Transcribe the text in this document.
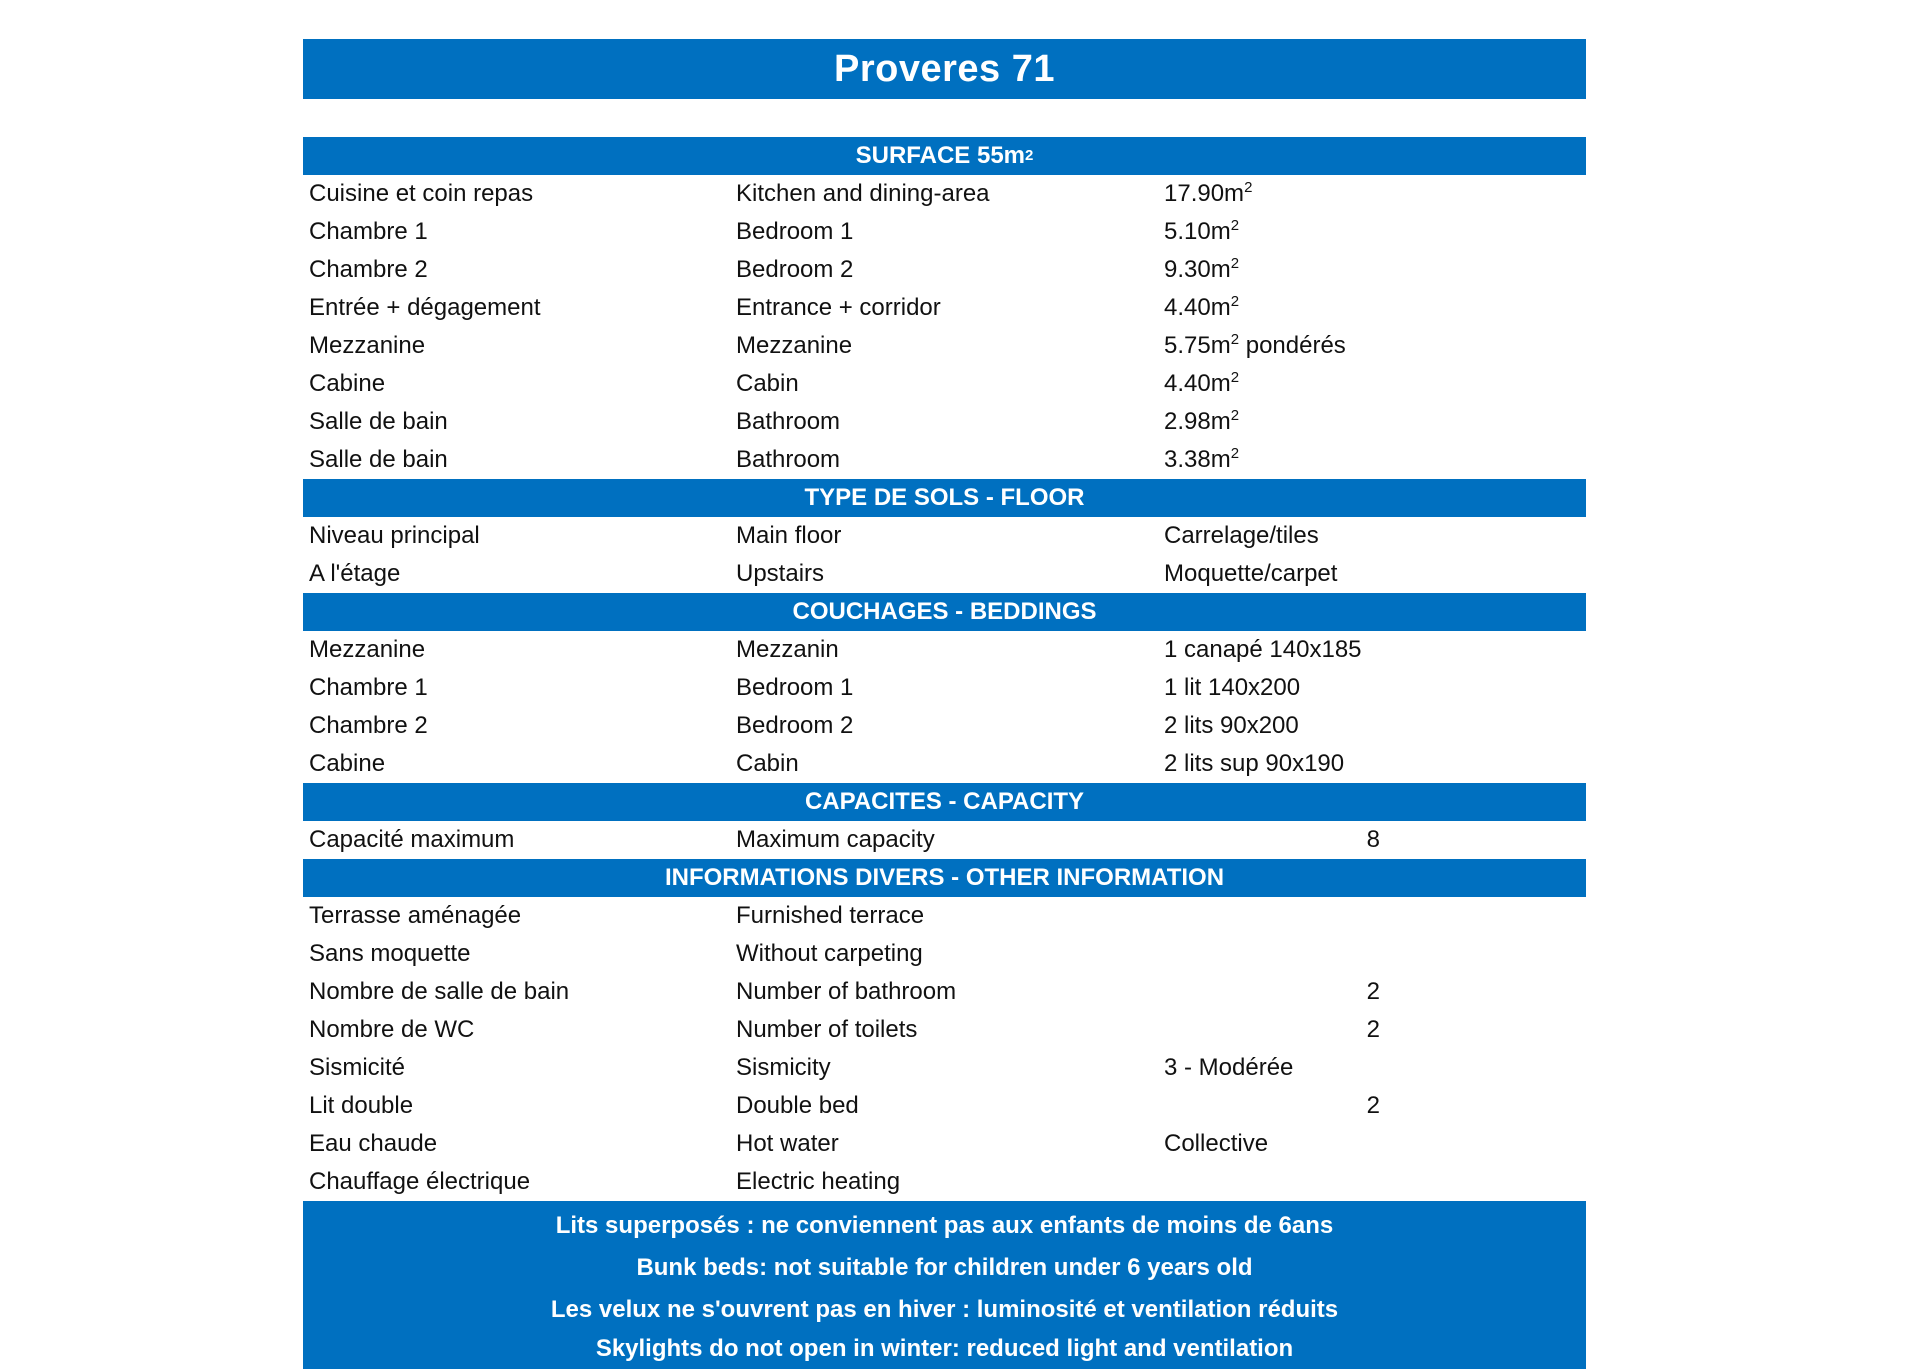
Proveres 71
SURFACE 55m 2
Cuisine et coin repas	Kitchen and dining-area	$17.90m^2$
Chambre 1	Bedroom 1	$5.10m^2$
Chambre 2	Bedroom 2	$9.30m^2$
Entrée + dégagement	Entrance + corridor	$4.40m^2$
Mezzanine	Mezzanine	$5.75m^2$ pondérés
Cabine	Cabin	$4.40m^2$
Salle de bain	Bathroom	$2.98m^2$
Salle de bain	Bathroom	$3.38m^2$
TYPE DE SOLS - FLOOR
Niveau principal	Main floor	Carrelage/tiles
A l'étage	Upstairs	Moquette/carpet
COUCHAGES - BEDDINGS
Mezzanine	Mezzanin	1 canapé 140x185
Chambre 1	Bedroom 1	1 lit 140x200
Chambre 2	Bedroom 2	2 lits 90x200
Cabine	Cabin	2 lits sup 90x190
CAPACITES - CAPACITY
Capacité maximum	Maximum capacity	8
INFORMATIONS DIVERS - OTHER INFORMATION
Terrasse aménagée	Furnished terrace
Sans moquette	Without carpeting
Nombre de salle de bain	Number of bathroom	2
Nombre de WC	Number of toilets	2
Sismicité	Sismicity	3 - Modérée
Lit double	Double bed	2
Eau chaude	Hot water	Collective
Chauffage électrique	Electric heating
Lits superposés : ne conviennent pas aux enfants de moins de 6ans
Bunk beds: not suitable for children under 6 years old
Les velux ne s'ouvrent pas en hiver : luminosité et ventilation réduits
Skylights do not open in winter: reduced light and ventilation
